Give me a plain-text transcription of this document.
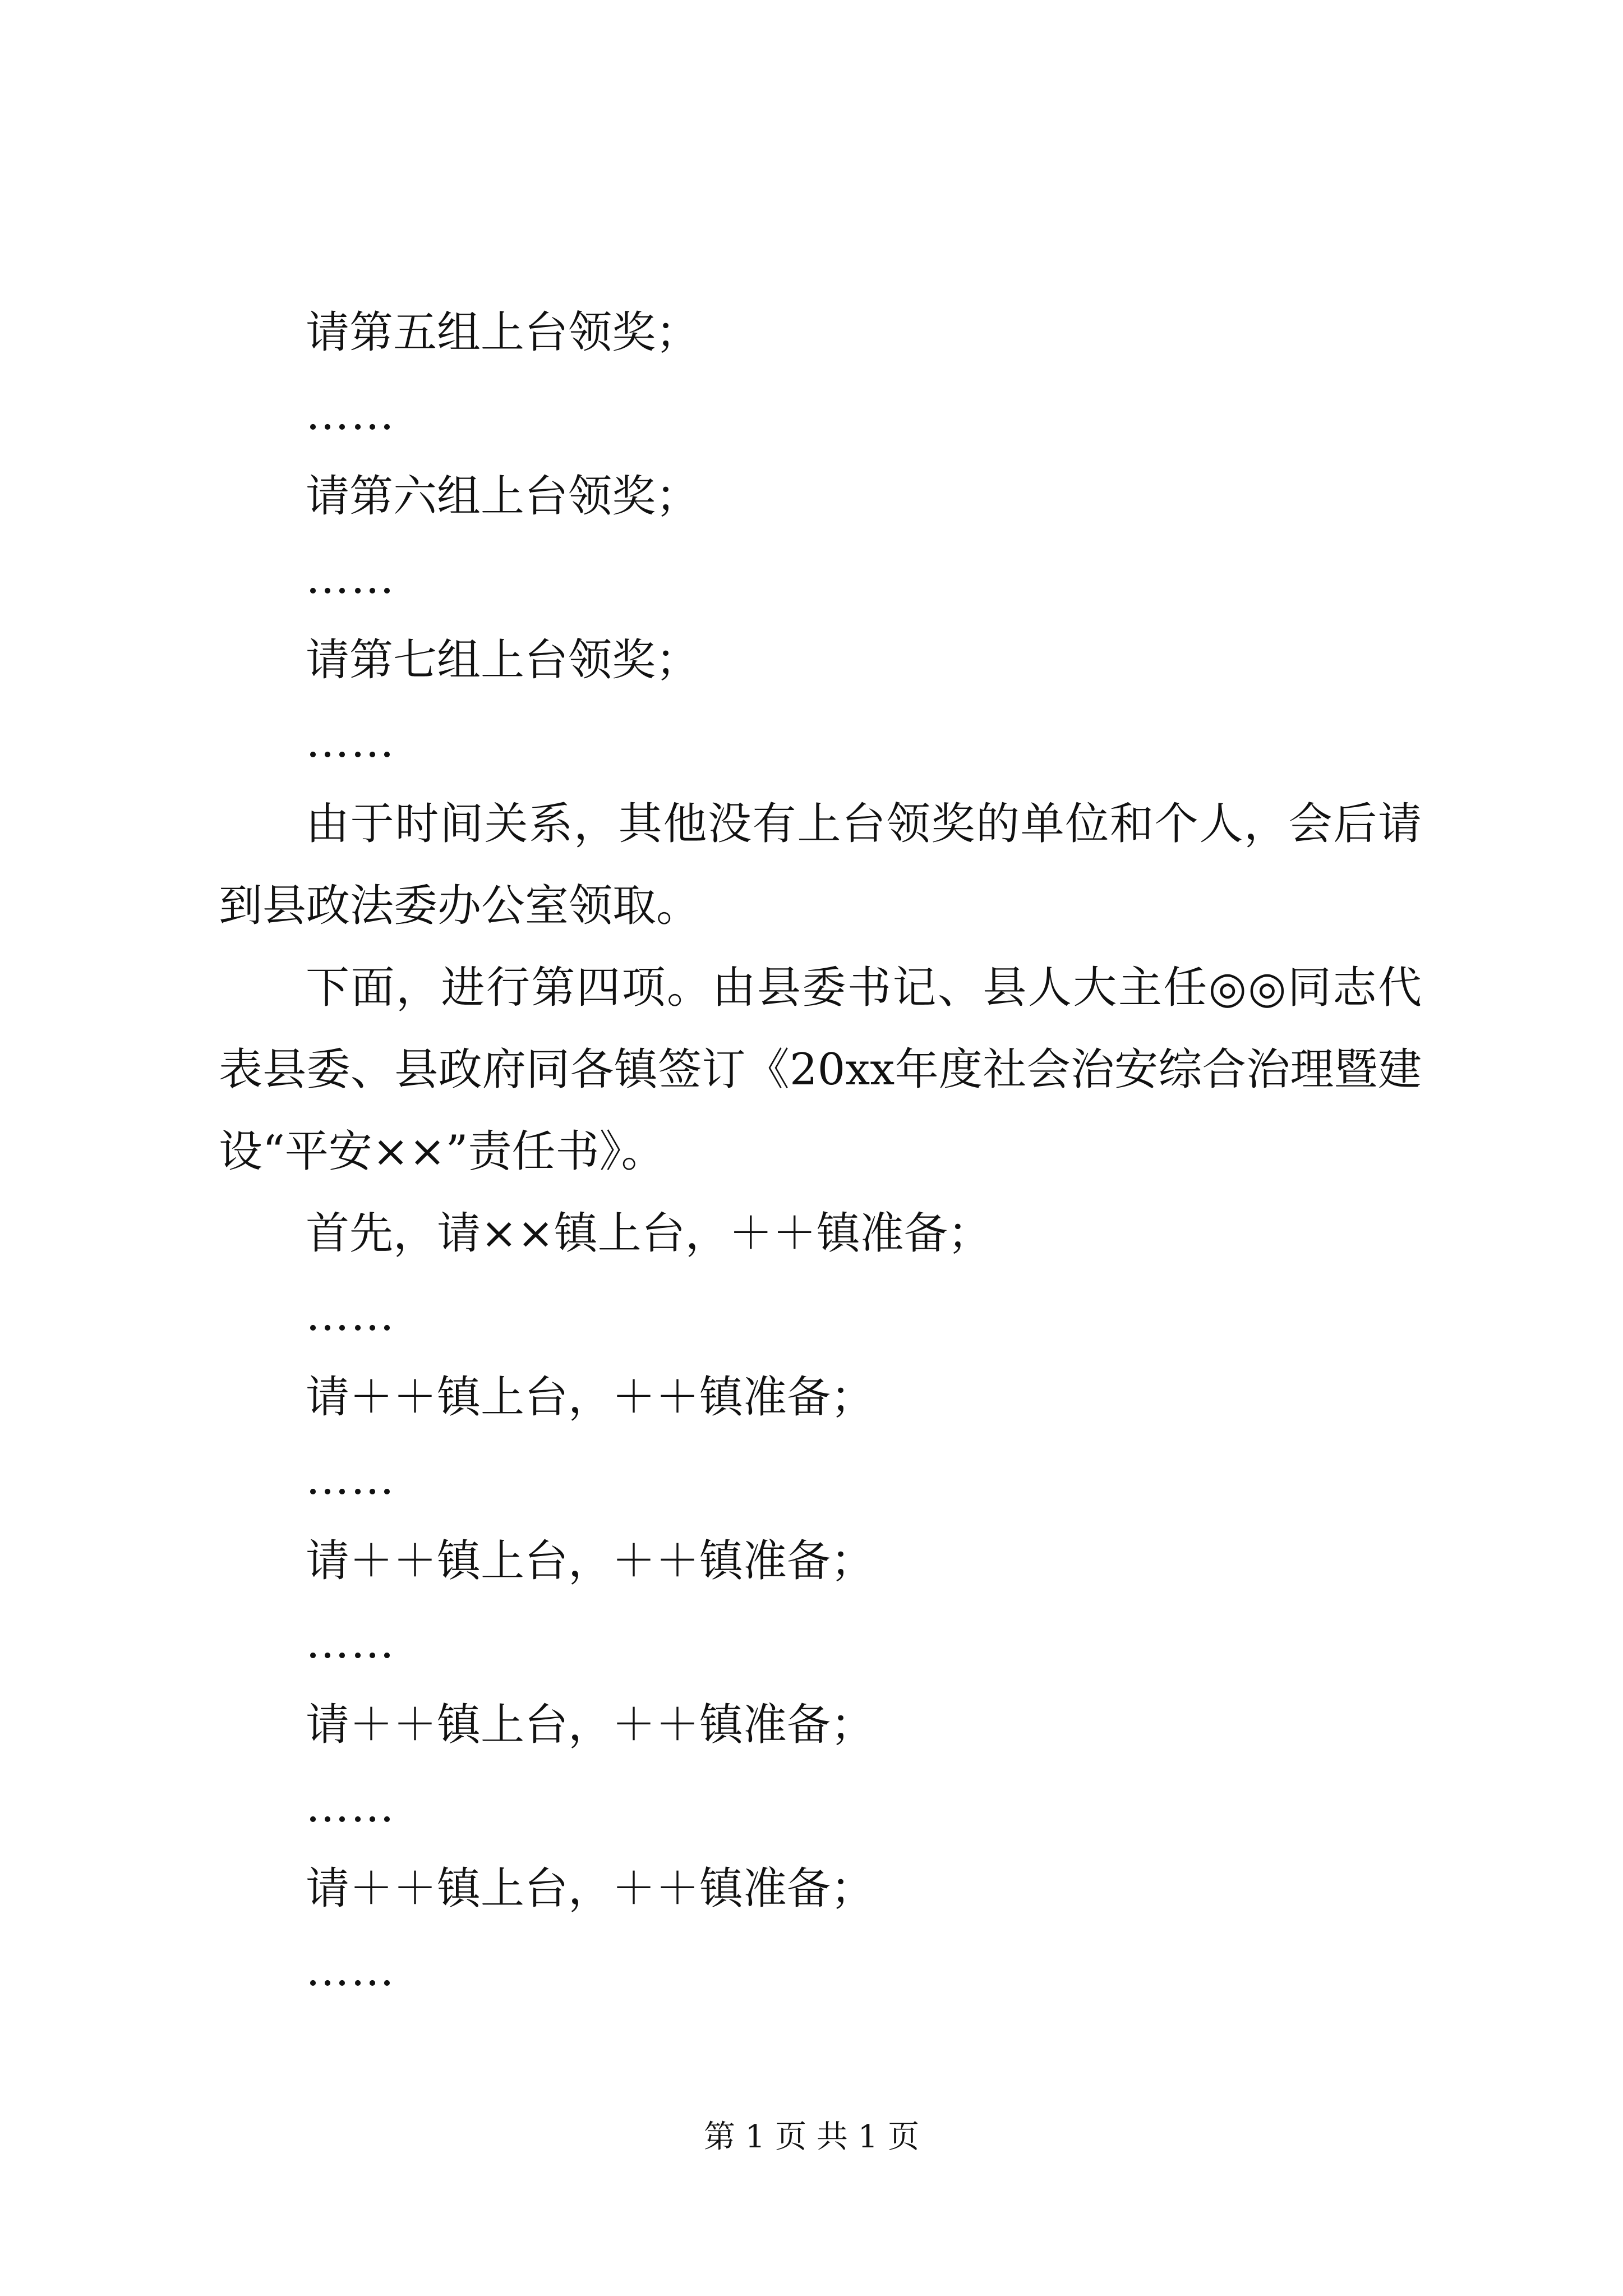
请第五组上台领奖；

……

请第六组上台领奖；

……

请第七组上台领奖；

……

由于时间关系，其他没有上台领奖的单位和个人，会后请到县政法委办公室领取。

下面，进行第四项。由县委书记、县人大主任◎◎同志代表县委、县政府同各镇签订《20xx年度社会治安综合治理暨建设“平安××”责任书》。

首先，请××镇上台，＋＋镇准备；

……

请＋＋镇上台，＋＋镇准备；

……

请＋＋镇上台，＋＋镇准备；

……

请＋＋镇上台，＋＋镇准备；

……

请＋＋镇上台，＋＋镇准备；

……

第 1 页 共 1 页
